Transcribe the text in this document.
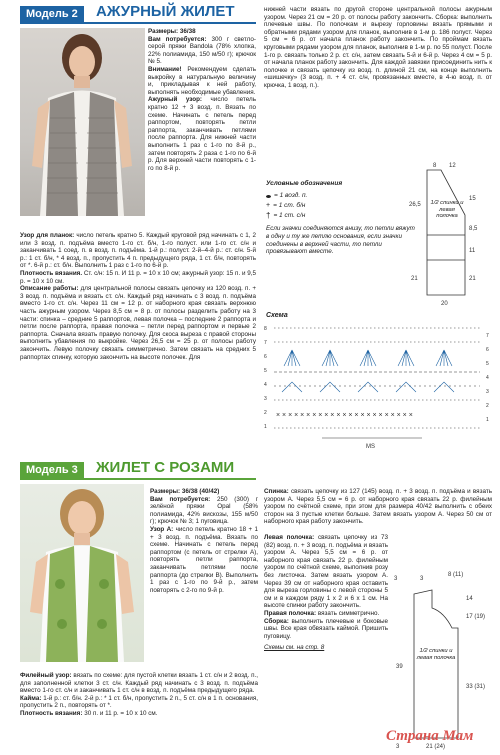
Модель 2	АЖУРНЫЙ ЖИЛЕТ
Размеры: 36/38
Вам потребуется: 300 г светло-серой пряжи Bandola (78% хлопка, 22% полиамида, 150 м/50 г); крючок № 5.
Внимание! Рекомендуем сделать выкройку в натуральную величину и, прикладывая к ней работу, выполнять необходимые убавления.
Ажурный узор: число петель кратно 12 + 3 возд. п. Вязать по схеме. Начинать с петель перед раппортом, повторять петли раппорта, заканчивать петлями после раппорта. Для нижней части выполнить 1 раз с 1-го по 8-й р., затем повторять 2 раза с 1-го по 6-й р. Для верхней части повторять с 1-го по 8-й р.
Узор для планок: число петель кратно 5. Каждый круговой ряд начинать с 1, 2 или 3 возд. п. подъёма вместо 1-го ст. б/н, 1-го полуст. или 1-го ст. с/н и заканчивать 1 соед. п. в возд. п. подъёма. 1-й р.: полуст. 2-й–4-й р.: ст. с/н. 5-й р.: 1 ст. б/н, * 4 возд. п., пропустить 4 п. предыдущего ряда, 1 ст. б/н, повторять от *. 6-й р.: ст. б/н. Выполнить 1 раз с 1-го по 6-й р.
Плотность вязания. Ст. с/н: 15 п. И 11 р. = 10 х 10 см; ажурный узор: 15 п. и 9,5 р. = 10 х 10 см.
Описание работы: для центральной полосы связать цепочку из 120 возд. п. + 3 возд. п. подъёма и вязать ст. с/н. Каждый ряд начинать с 3 возд. п. подъёма вместо 1-го ст. с/н. Через 11 см = 12 р. от наборного края связать верхнюю часть ажурным узором. Через 8,5 см = 8 р. от полосы разделить работу на 3 части: спинка – средние 5 раппортов, левая полочка – последние 2 раппорта и петли после раппорта, правая полочка – петли перед раппортом и первые 2 раппорта. Сначала вязать правую полочку. Для скоса выреза с правой стороны выполнить убавления по выкройке. Через 26,5 см = 25 р. от полосы работу закончить. Левую полочку связать симметрично. Затем связать на средних 5 раппортах спинку, которую закончить на высоте полочек. Для
нижней части вязать по другой стороне центральной полосы ажурным узором. Через 21 см = 20 р. от полосы работу закончить. Сборка: выполнить плечевые швы. По полочкам и вырезу горловины вязать прямыми и обратными рядами узором для планок, выполнив в 1-м р. 186 полуст. Через 5 см = 6 р. от начала планок работу закончить. По проймам вязать круговыми рядами узором для планок, выполнив в 1-м р. по 55 полуст. После 1-го р. связать только 2 р. ст. с/н, затем связать 5-й и 6-й р. Через 4 см = 5 р. от начала планок работу закончить. Для каждой завязки присоединить нить к полочке и связать цепочку из возд. п. длиной 21 см, на конце выполнить «шишечку» (3 возд. п. + 4 ст. с/н, провязанных вместе, в 4-ю возд. п. от крючка, 1 возд. п.).
Условные обозначения
= 1 возд. п.
+ = 1 ст. б/н
† = 1 ст. с/н
Если значки соединяются внизу, то петли вяжут в одну и ту же петлю основания, если значки соединены в верхней части, то петли провязывают вместе.
8 12
26,5
8,5
15
11
21
20
21
1/2 спинки и левая полочка
Схема
8
7
6
5
4
3
2
1
7
6
5
4
3
2
1
× × × × × × × × × × × × × × × × × × × × × × ×
MS
Модель 3	ЖИЛЕТ С РОЗАМИ
Размеры: 36/38 (40/42)
Вам потребуется: 250 (300) г зелёной пряжи Opal (58% полиамида, 42% вискозы, 155 м/50 г); крючок № 3; 1 пуговица.
Узор А: число петель кратно 18 + 1 + 3 возд. п. подъёма. Вязать по схеме. Начинать с петель перед раппортом (с петель от стрелки А), повторять петли раппорта, заканчивать петлями после раппорта (до стрелки В). Выполнить 1 раз с 1-го по 9-й р., затем повторять с 2-го по 9-й р.
Филейный узор: вязать по схеме: для пустой клетки вязать 1 ст. с/н и 2 возд. п., для заполненной клетки 3 ст. с/н. Каждый ряд начинать с 3 возд. п. подъёма вместо 1-го ст. с/н и заканчивать 1 ст. с/н в возд. п. подъёма предыдущего ряда.
Кайма: 1-й р.: ст. б/н. 2-й р.: * 1 ст. б/н, пропустить 2 п., 5 ст. с/н в 1 п. основания, пропустить 2 п., повторять от *.
Плотность вязания: 30 п. и 11 р. = 10 х 10 см.
Спинка: связать цепочку из 127 (145) возд. п. + 3 возд. п. подъёма и вязать узором А. Через 5,5 см = 6 р. от наборного края связать 22 р. филейным узором по счётной схеме, при этом для размера 40/42 выполнить с обеих сторон на 3 пустые клетки больше. Затем вязать узором А. Через 50 см от наборного края работу закончить.
Левая полочка: связать цепочку из 73 (82) возд. п. + 3 возд. п. подъёма и вязать узором А. Через 5,5 см = 6 р. от наборного края связать 22 р. филейным узором по счётной схеме, выполнив розу без листочка. Затем вязать узором А. Через 39 см от наборного края оставить для выреза горловины с левой стороны 5 см и в каждом ряду 1 х 2 и 6 х 1 см. На высоте спинки работу закончить.
Правая полочка: вязать симметрично.
Сборка: выполнить плечевые и боковые швы. Все края обвязать каймой. Пришить пуговицу.
Схемы см. на стр. 8
3	3
8 (11)
14
17 (19)
33 (31)
39
21 (24)
3
1/2 спинки и левая полочка
Страна Мам
